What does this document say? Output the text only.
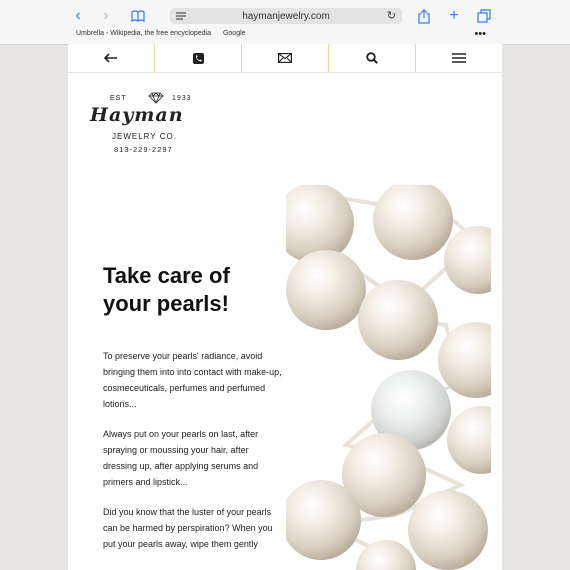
‹	›	haymanjewelry.com	↻	+
Umbrella - Wikipedia, the free encyclopedia Google	•••
EST	1933
Hayman
JEWELRY CO.
813-229-2297
Take care of
your pearls!

To preserve your pearls' radiance, avoid bringing them into into contact with make-up, cosmeceuticals, perfumes and perfumed lotions...

Always put on your pearls on last, after spraying or moussing your hair, after dressing up, after applying serums and primers and lipstick...

Did you know that the luster of your pearls can be harmed by perspiration? When you put your pearls away, wipe them gently
